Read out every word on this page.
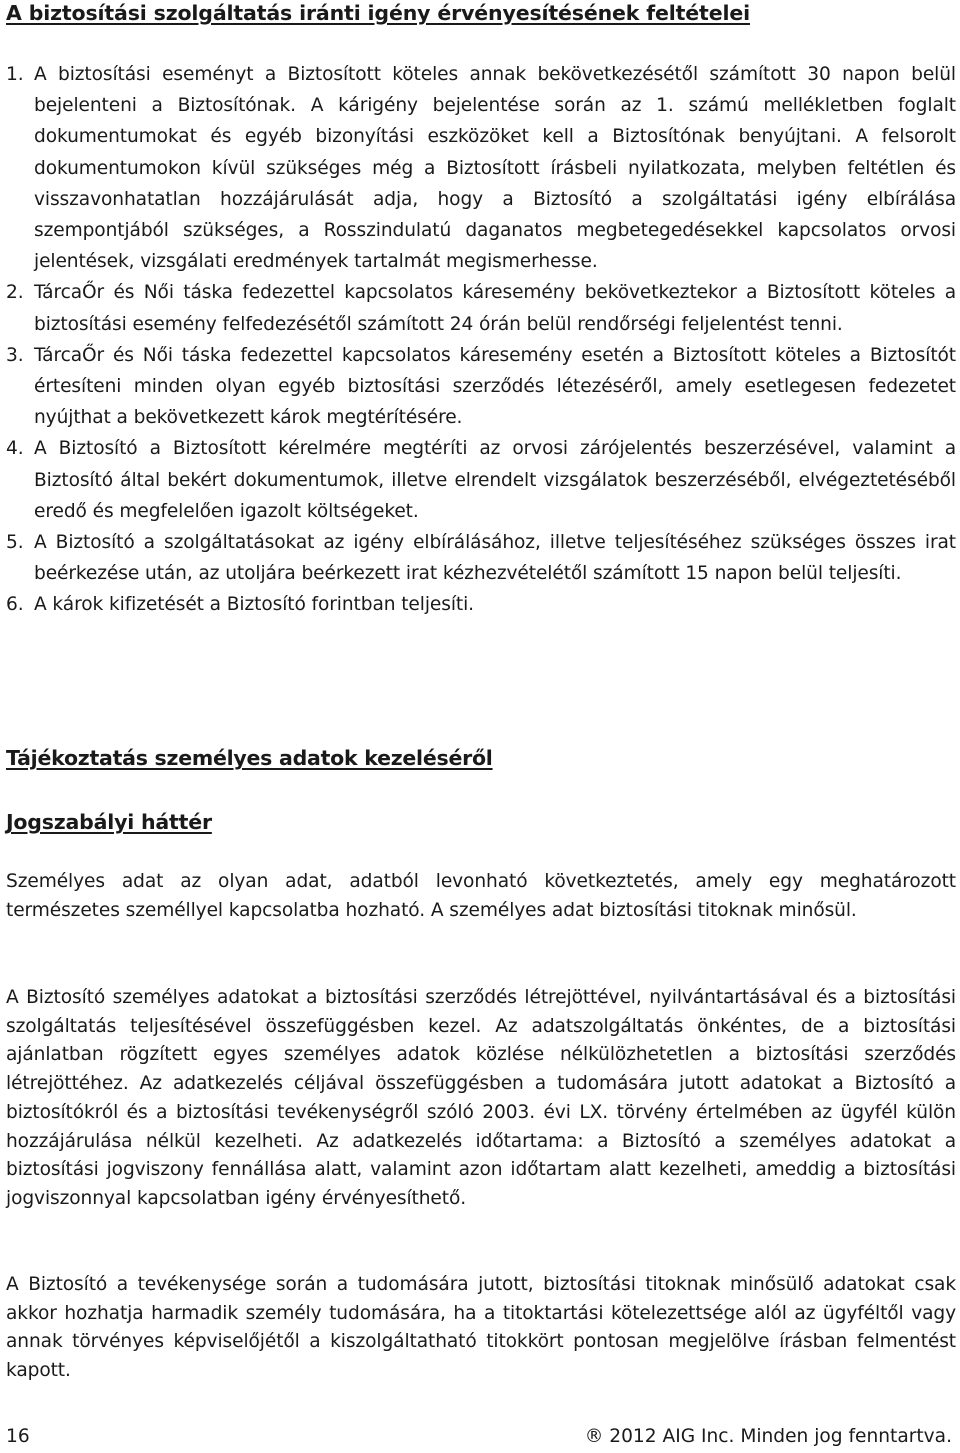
A biztosítási szolgáltatás iránti igény érvényesítésének feltételei
1. A biztosítási eseményt a Biztosított köteles annak bekövetkezésétől számított 30 napon belül bejelenteni a Biztosítónak. A kárigény bejelentése során az 1. számú mellékletben foglalt dokumentumokat és egyéb bizonyítási eszközöket kell a Biztosítónak benyújtani. A felsorolt dokumentumokon kívül szükséges még a Biztosított írásbeli nyilatkozata, melyben feltétlen és visszavonhatatlan hozzájárulását adja, hogy a Biztosító a szolgáltatási igény elbírálása szempontjából szükséges, a Rosszindulatú daganatos megbetegedésekkel kapcsolatos orvosi jelentések, vizsgálati eredmények tartalmát megismerhesse.
2. TárcaŐr és Női táska fedezettel kapcsolatos káresemény bekövetkeztekor a Biztosított köteles a biztosítási esemény felfedezésétől számított 24 órán belül rendőrségi feljelentést tenni.
3. TárcaŐr és Női táska fedezettel kapcsolatos káresemény esetén a Biztosított köteles a Biztosítót értesíteni minden olyan egyéb biztosítási szerződés létezéséről, amely esetlegesen fedezetet nyújthat a bekövetkezett károk megtérítésére.
4. A Biztosító a Biztosított kérelmére megtéríti az orvosi zárójelentés beszerzésével, valamint a Biztosító által bekért dokumentumok, illetve elrendelt vizsgálatok beszerzéséből, elvégeztetéséből eredő és megfelelően igazolt költségeket.
5. A Biztosító a szolgáltatásokat az igény elbírálásához, illetve teljesítéséhez szükséges összes irat beérkezése után, az utoljára beérkezett irat kézhezvételétől számított 15 napon belül teljesíti.
6. A károk kifizetését a Biztosító forintban teljesíti.
Tájékoztatás személyes adatok kezeléséről
Jogszabályi háttér

Személyes adat az olyan adat, adatból levonható következtetés, amely egy meghatározott természetes személlyel kapcsolatba hozható. A személyes adat biztosítási titoknak minősül.

A Biztosító személyes adatokat a biztosítási szerződés létrejöttével, nyilvántartásával és a biztosítási szolgáltatás teljesítésével összefüggésben kezel. Az adatszolgáltatás önkéntes, de a biztosítási ajánlatban rögzített egyes személyes adatok közlése nélkülözhetetlen a biztosítási szerződés létrejöttéhez. Az adatkezelés céljával összefüggésben a tudomására jutott adatokat a Biztosító a biztosítókról és a biztosítási tevékenységről szóló 2003. évi LX. törvény értelmében az ügyfél külön hozzájárulása nélkül kezelheti. Az adatkezelés időtartama: a Biztosító a személyes adatokat a biztosítási jogviszony fennállása alatt, valamint azon időtartam alatt kezelheti, ameddig a biztosítási jogviszonnyal kapcsolatban igény érvényesíthető.

A Biztosító a tevékenysége során a tudomására jutott, biztosítási titoknak minősülő adatokat csak akkor hozhatja harmadik személy tudomására, ha a titoktartási kötelezettsége alól az ügyféltől vagy annak törvényes képviselőjétől a kiszolgáltatható titokkört pontosan megjelölve írásban felmentést kapott.

16	® 2012 AIG Inc. Minden jog fenntartva.
